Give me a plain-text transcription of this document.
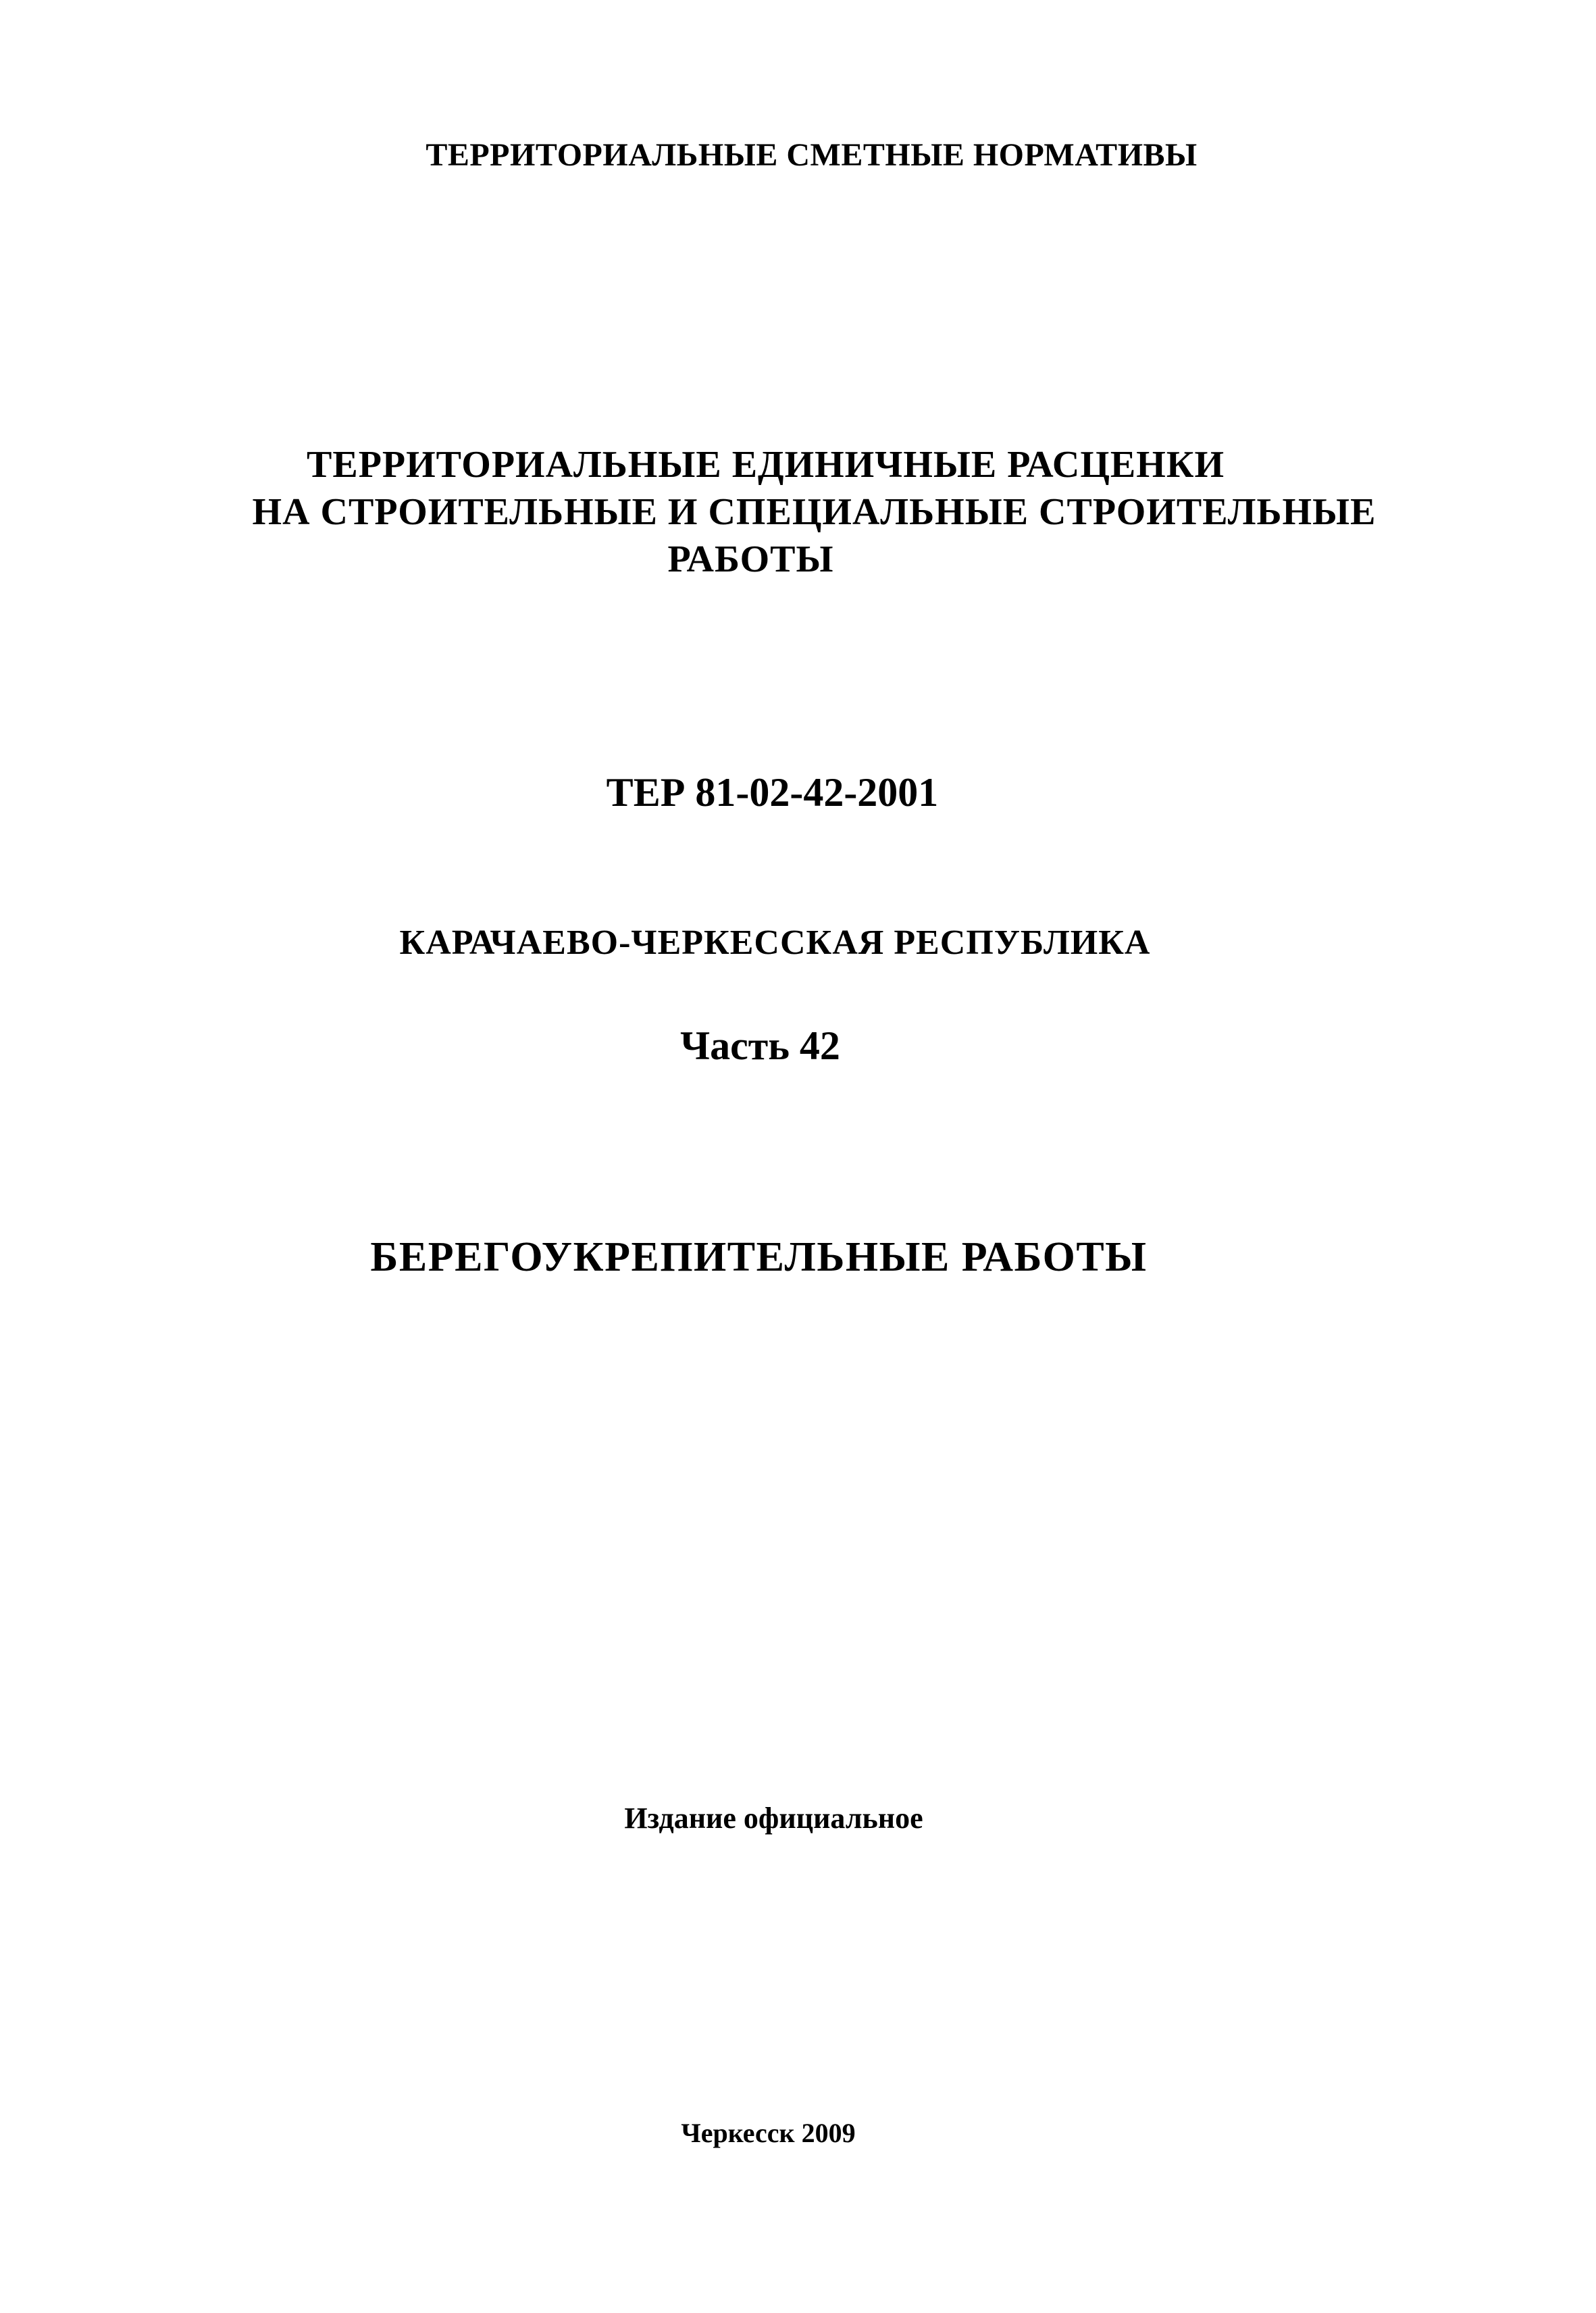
ТЕРРИТОРИАЛЬНЫЕ СМЕТНЫЕ НОРМАТИВЫ
ТЕРРИТОРИАЛЬНЫЕ ЕДИНИЧНЫЕ РАСЦЕНКИ
НА СТРОИТЕЛЬНЫЕ И СПЕЦИАЛЬНЫЕ СТРОИТЕЛЬНЫЕ
РАБОТЫ
ТЕР 81-02-42-2001
КАРАЧАЕВО-ЧЕРКЕССКАЯ РЕСПУБЛИКА
Часть 42
БЕРЕГОУКРЕПИТЕЛЬНЫЕ РАБОТЫ
Издание официальное
Черкесск 2009
